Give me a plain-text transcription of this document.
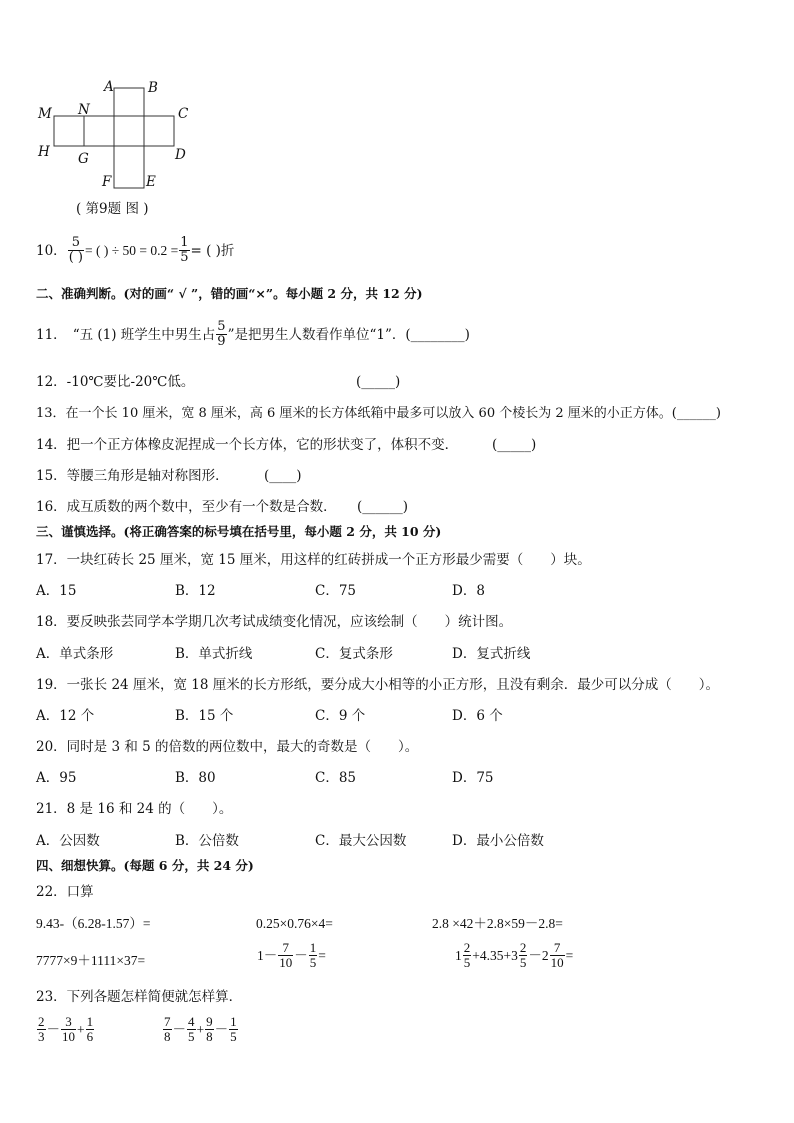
A	B
M N	C
H G	D
F	E
( 第9题 图 )
10． $\frac{5}{( )}$ = ( ) ÷ $50 = 0.2 = \frac{1}{5}$ = ( )折
二、准确判断。(对的画“ √ ”，错的画“×”。每小题 2 分，共 12 分)
11． “五 (1) 班学生中男生占 $\frac{5}{9}$ ”是把男生人数看作单位“1”．(________)
12．-10℃要比-20℃低。	(_____)
13．在一个长 10 厘米，宽 8 厘米，高 6 厘米的长方体纸箱中最多可以放入 60 个棱长为 2 厘米的小正方体。(______)
14．把一个正方体橡皮泥捏成一个长方体，它的形状变了，体积不变．	(_____)
15．等腰三角形是轴对称图形．	(____)
16．成互质数的两个数中，至少有一个数是合数． (______)
三、谨慎选择。(将正确答案的标号填在括号里，每小题 2 分，共 10 分)
17．一块红砖长 25 厘米，宽 15 厘米，用这样的红砖拼成一个正方形最少需要（　　）块。
A．15	B．12	C．75	D．8
18．要反映张芸同学本学期几次考试成绩变化情况，应该绘制（　　）统计图。
A．单式条形	B．单式折线	C．复式条形	D．复式折线
19．一张长 24 厘米，宽 18 厘米的长方形纸，要分成大小相等的小正方形，且没有剩余．最少可以分成（　　）。
A．12 个	B．15 个	C．9 个	D．6 个
20．同时是 3 和 5 的倍数的两位数中，最大的奇数是（　　）。
A．95	B．80	C．85	D．75
21．8 是 16 和 24 的（　　）。
A．公因数	B．公倍数	C．最大公因数	D．最小公倍数
四、细想快算。(每题 6 分，共 24 分)
22．口算
9.43-（6.28-1.57）=	0.25×0.76×4=	2.8 ×42＋2.8×59－2.8=
7777×9＋1111×37=	$1- \frac{7}{10} - \frac{1}{5}$ =	$1 \frac{2}{5} +4.35+3 \frac{2}{5} -2 \frac{7}{10}$ =
23．下列各题怎样简便就怎样算．
$\frac{2}{3} - \frac{3}{10} + \frac{1}{6}$	$\frac{7}{8} - \frac{4}{5} + \frac{9}{8} - \frac{1}{5}$
